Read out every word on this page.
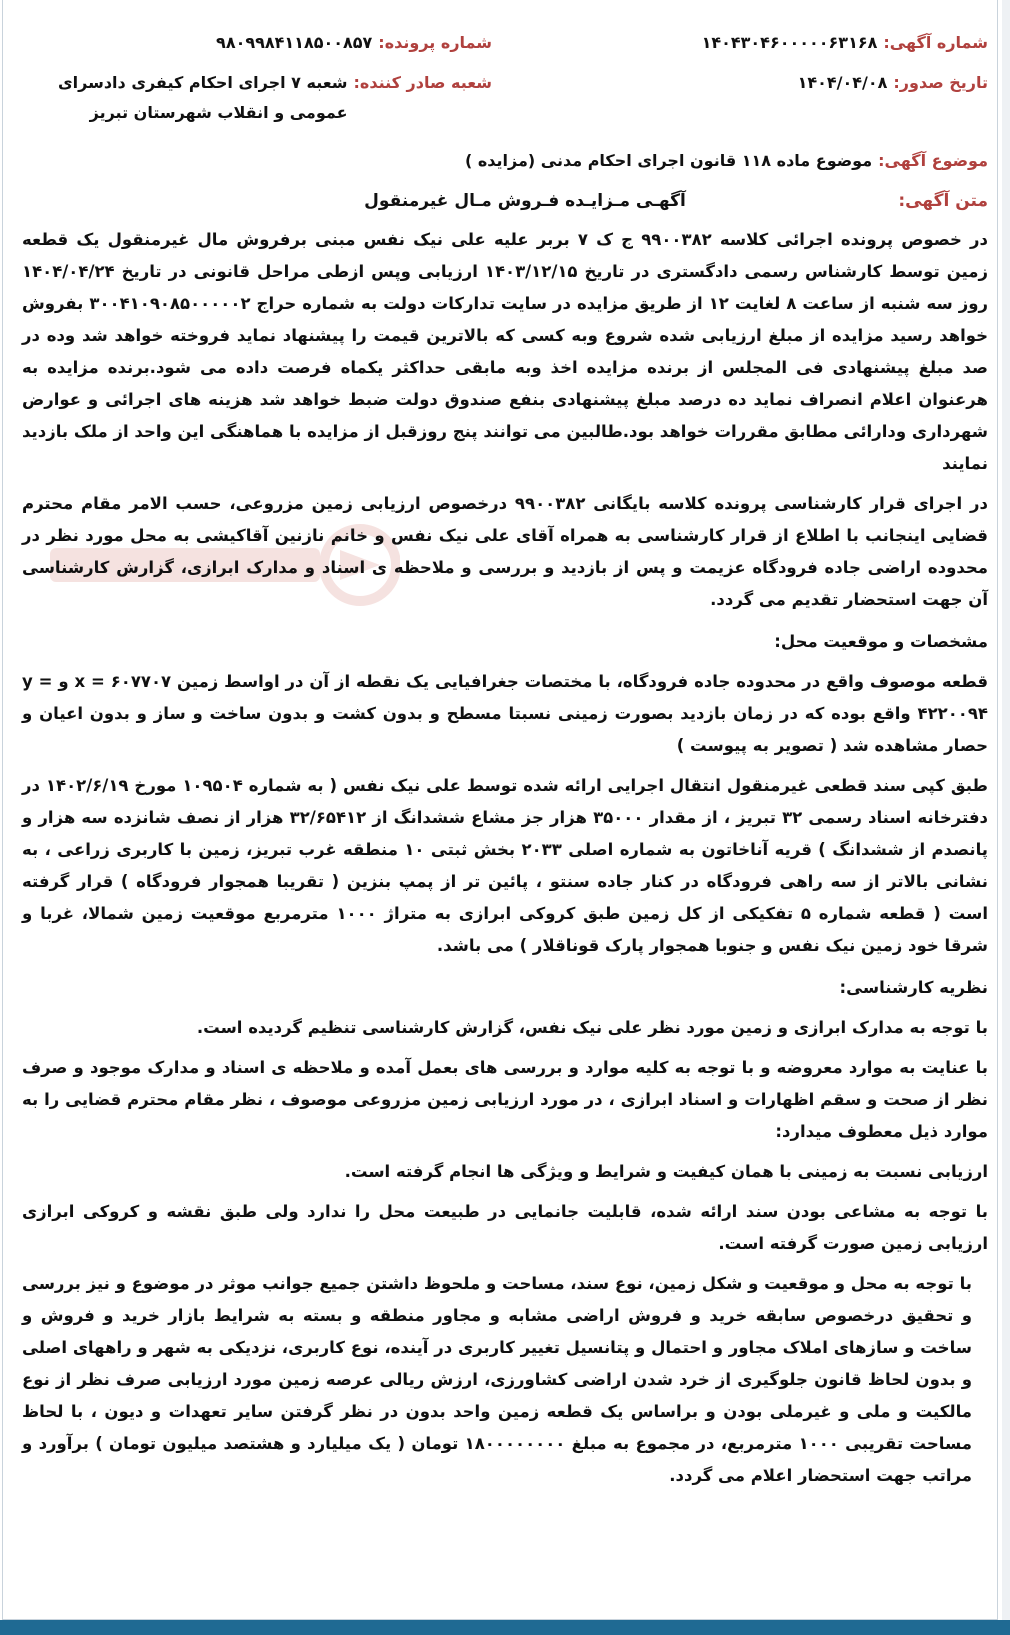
شماره آگهی:
۱۴۰۴۳۰۴۶۰۰۰۰۰۶۳۱۶۸
شماره پرونده:
۹۸۰۹۹۸۴۱۱۸۵۰۰۸۵۷
تاریخ صدور:
۱۴۰۴/۰۴/۰۸
شعبه صادر کننده:
شعبه ۷ اجرای احکام کیفری دادسرای عمومی و انقلاب شهرستان تبریز
موضوع آگهی:
موضوع ماده ۱۱۸ قانون اجرای احکام مدنی (مزایده )
متن آگهی:
آگهـی مـزایـده فـروش مـال غیرمنقول

در خصوص پرونده اجرائی کلاسه ۹۹۰۰۳۸۲ ج ک ۷ بربر علیه علی نیک نفس مبنی برفروش مال غیرمنقول یک قطعه زمین توسط کارشناس رسمی دادگستری در تاریخ ۱۴۰۳/۱۲/۱۵ ارزیابی وپس ازطی مراحل قانونی در تاریخ ۱۴۰۴/۰۴/۲۴ روز سه شنبه از ساعت ۸ لغایت ۱۲ از طریق مزایده در سایت تدارکات دولت به شماره حراج ۳۰۰۴۱۰۹۰۸۵۰۰۰۰۰۲ بفروش خواهد رسید مزایده از مبلغ ارزیابی شده شروع وبه کسی که بالاترین قیمت را پیشنهاد نماید فروخته خواهد شد وده در صد مبلغ پیشنهادی فی المجلس از برنده مزایده اخذ وبه مابقی حداکثر یکماه فرصت داده می شود.برنده مزایده به هرعنوان اعلام انصراف نماید ده درصد مبلغ پیشنهادی بنفع صندوق دولت ضبط خواهد شد هزینه های اجرائی و عوارض شهرداری ودارائی مطابق مقررات خواهد بود.طالبین می توانند پنج روزقبل از مزایده با هماهنگی این واحد از ملک بازدید نمایند

در اجرای قرار کارشناسی پرونده کلاسه بایگانی ۹۹۰۰۳۸۲ درخصوص ارزیابی زمین مزروعی، حسب الامر مقام محترم قضایی اینجانب با اطلاع از قرار کارشناسی به همراه آقای علی نیک نفس و خانم نازنین آقاکیشی به محل مورد نظر در محدوده اراضی جاده فرودگاه عزیمت و پس از بازدید و بررسی و ملاحظه ی اسناد و مدارک ابرازی، گزارش کارشناسی آن جهت استحضار تقدیم می گردد.

مشخصات و موقعیت محل:

قطعه موصوف واقع در محدوده جاده فرودگاه، با مختصات جغرافیایی یک نقطه از آن در اواسط زمین x = ۶۰۷۷۰۷ و y = ۴۲۲۰۰۹۴ واقع بوده که در زمان بازدید بصورت زمینی نسبتا مسطح و بدون کشت و بدون ساخت و ساز و بدون اعیان و حصار مشاهده شد ( تصویر به پیوست )

طبق کپی سند قطعی غیرمنقول انتقال اجرایی ارائه شده توسط علی نیک نفس ( به شماره ۱۰۹۵۰۴ مورخ ۱۴۰۲/۶/۱۹ در دفترخانه اسناد رسمی ۳۲ تبریز ، از مقدار ۳۵۰۰۰ هزار جز مشاع ششدانگ از ۳۲/۶۵۴۱۲ هزار از نصف شانزده سه هزار و پانصدم از ششدانگ ) قریه آناخاتون به شماره اصلی ۲۰۳۳ بخش ثبتی ۱۰ منطقه غرب تبریز، زمین با کاربری زراعی ، به نشانی بالاتر از سه راهی فرودگاه در کنار جاده سنتو ، پائین تر از پمپ بنزین ( تقریبا همجوار فرودگاه ) قرار گرفته است ( قطعه شماره ۵ تفکیکی از کل زمین طبق کروکی ابرازی به متراژ ۱۰۰۰ مترمربع موقعیت زمین شمالا، غربا و شرقا خود زمین نیک نفس و جنوبا همجوار پارک قوناقلار ) می باشد.

نظریه کارشناسی:

با توجه به مدارک ابرازی و زمین مورد نظر علی نیک نفس، گزارش کارشناسی تنظیم گردیده است.

با عنایت به موارد معروضه و با توجه به کلیه موارد و بررسی های بعمل آمده و ملاحظه ی اسناد و مدارک موجود و صرف نظر از صحت و سقم اظهارات و اسناد ابرازی ، در مورد ارزیابی زمین مزروعی موصوف ، نظر مقام محترم قضایی را به موارد ذیل معطوف میدارد:

ارزیابی نسبت به زمینی با همان کیفیت و شرایط و ویژگی ها انجام گرفته است.

با توجه به مشاعی بودن سند ارائه شده، قابلیت جانمایی در طبیعت محل را ندارد ولی طبق نقشه و کروکی ابرازی ارزیابی زمین صورت گرفته است.

با توجه به محل و موقعیت و شکل زمین، نوع سند، مساحت و ملحوظ داشتن جمیع جوانب موثر در موضوع و نیز بررسی و تحقیق درخصوص سابقه خرید و فروش اراضی مشابه و مجاور منطقه و بسته به شرایط بازار خرید و فروش و ساخت و سازهای املاک مجاور و احتمال و پتانسیل تغییر کاربری در آینده، نوع کاربری، نزدیکی به شهر و راههای اصلی و بدون لحاظ قانون جلوگیری از خرد شدن اراضی کشاورزی، ارزش ریالی عرصه زمین مورد ارزیابی صرف نظر از نوع مالکیت و ملی و غیرملی بودن و براساس یک قطعه زمین واحد بدون در نظر گرفتن سایر تعهدات و دیون ، با لحاظ مساحت تقریبی ۱۰۰۰ مترمربع، در مجموع به مبلغ ۱۸۰۰۰۰۰۰۰۰ تومان ( یک میلیارد و هشتصد میلیون تومان ) برآورد و مراتب جهت استحضار اعلام می گردد.
